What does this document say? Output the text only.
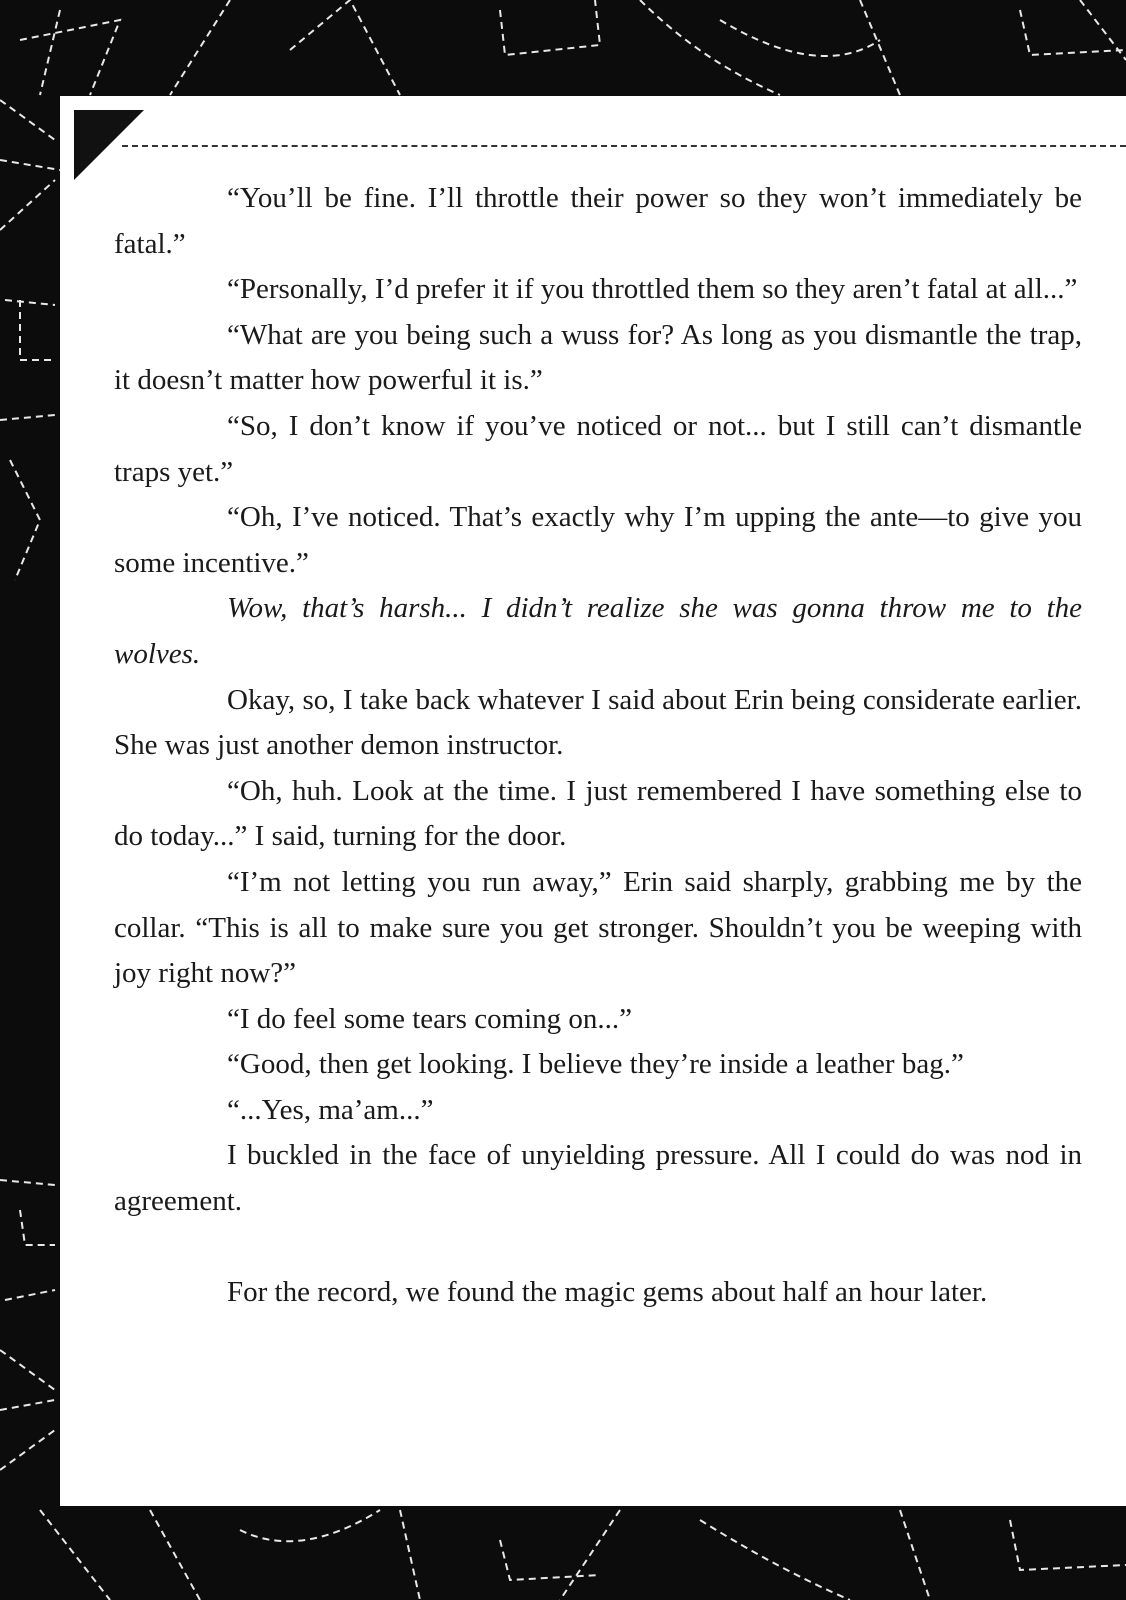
“You’ll be fine. I’ll throttle their power so they won’t immediately be fatal.”

“Personally, I’d prefer it if you throttled them so they aren’t fatal at all...”

“What are you being such a wuss for? As long as you dismantle the trap, it doesn’t matter how powerful it is.”

“So, I don’t know if you’ve noticed or not... but I still can’t dismantle traps yet.”

“Oh, I’ve noticed. That’s exactly why I’m upping the ante—to give you some incentive.”

Wow, that’s harsh... I didn’t realize she was gonna throw me to the wolves.

Okay, so, I take back whatever I said about Erin being considerate earlier. She was just another demon instructor.

“Oh, huh. Look at the time. I just remembered I have something else to do today...” I said, turning for the door.

“I’m not letting you run away,” Erin said sharply, grabbing me by the collar. “This is all to make sure you get stronger. Shouldn’t you be weeping with joy right now?”

“I do feel some tears coming on...”

“Good, then get looking. I believe they’re inside a leather bag.”

“...Yes, ma’am...”

I buckled in the face of unyielding pressure. All I could do was nod in agreement.

For the record, we found the magic gems about half an hour later.
